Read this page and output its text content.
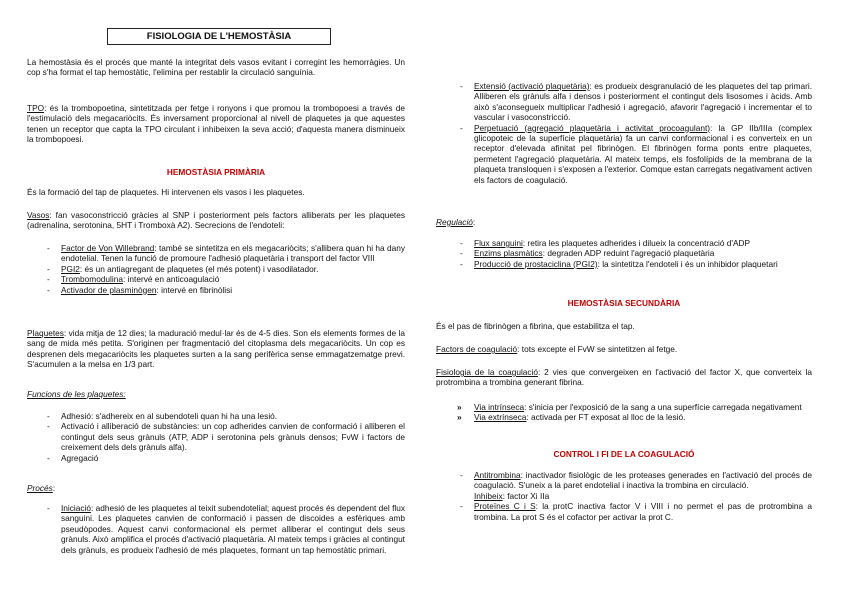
FISIOLOGIA DE L'HEMOSTÀSIA

La hemostàsia és el procés que manté la integritat dels vasos evitant i corregint les hemorràgies. Un cop s'ha format el tap hemostàtic, l'elimina per restablir la circulació sanguínia.

TPO: és la trombopoetina, sintetitzada per fetge i ronyons i que promou la trombopoesi a través de l'estimulació dels megacariòcits. És inversament proporcional al nivell de plaquetes ja que aquestes tenen un receptor que capta la TPO circulant i inhibeixen la seva acció; d'aquesta manera disminueix la trombopoesi.

HEMOSTÀSIA PRIMÀRIA

És la formació del tap de plaquetes. Hi intervenen els vasos i les plaquetes.

Vasos: fan vasoconstricció gràcies al SNP i posteriorment pels factors alliberats per les plaquetes (adrenalina, serotonina, 5HT i Tromboxà A2). Secrecions de l'endoteli:

- Factor de Von Willebrand: també se sintetitza en els megacariòcits; s'allibera quan hi ha dany endotelial. Tenen la funció de promoure l'adhesió plaquetària i transport del factor VIII
- PGI2: és un antiagregant de plaquetes (el més potent) i vasodilatador.
- Trombomodulina: intervé en anticoagulació
- Activador de plasminògen: intervé en fibrinòlisi

Plaquetes: vida mitja de 12 dies; la maduració medul·lar és de 4-5 dies. Son els elements formes de la sang de mida més petita. S'originen per fragmentació del citoplasma dels megacariòcits. Un cop es desprenen dels megacariòcits les plaquetes surten a la sang perifèrica sense emmagatzematge previ. S'acumulen a la melsa en 1/3 part.

Funcions de les plaquetes:

- Adhesió: s'adhereix en al subendoteli quan hi ha una lesió.
- Activació i alliberació de substàncies: un cop adherides canvien de conformació i alliberen el contingut dels seus grànuls (ATP, ADP i serotonina pels grànuls densos; FvW i factors de creixement dels dels grànuls alfa).
- Agregació

Procés:

- Iniciació: adhesió de les plaquetes al teixit subendotelial; aquest procés és dependent del flux sanguini. Les plaquetes canvien de conformació i passen de discoides a esfèriques amb pseudòpodes. Aquest canvi conformacional els permet alliberar el contingut dels seus grànuls. Això amplifica el procés d'activació plaquetària. Al mateix temps i gràcies al contingut dels grànuls, es produeix l'adhesió de més plaquetes, formant un tap hemostàtic primari.
- Extensió (activació plaquetària): es produeix desgranulació de les plaquetes del tap primari. Alliberen els grànuls alfa i densos i posteriorment el contingut dels lisosomes i àcids. Amb això s'aconsegueix multiplicar l'adhesió i agregació, afavorir l'agregació i incrementar el to vascular i vasoconstricció.
- Perpetuació (agregació plaquetària i activitat procoagulant): la GP IIb/IIIa (complex glicopoteic de la superfície plaquetària) fa un canvi conformacional i es converteix en un receptor d'elevada afinitat pel fibrinògen. El fibrinògen forma ponts entre plaquetes, permetent l'agregació plaquetària. Al mateix temps, els fosfolípids de la membrana de la plaqueta transloquen i s'exposen a l'exterior. Comque estan carregats negativament activen els factors de coagulació.

Regulació:

- Flux sanguini: retira les plaquetes adherides i dilueix la concentració d'ADP
- Enzims plasmàtics: degraden ADP reduint l'agregació plaquetària
- Producció de prostaciclina (PGI2): la sintetitza l'endoteli i és un inhibidor plaquetari

HEMOSTÀSIA SECUNDÀRIA

És el pas de fibrinògen a fibrina, que estabilitza el tap.

Factors de coagulació: tots excepte el FvW se sintetitzen al fetge.

Fisiologia de la coagulació: 2 vies que convergeixen en l'activació del factor X, que converteix la protrombina a trombina generant fibrina.

» Via intrínseca: s'inicia per l'exposició de la sang a una superfície carregada negativament
» Via extrínseca: activada per FT exposat al lloc de la lesió.

CONTROL I FI DE LA COAGULACIÓ

- Antitrombina: inactivador fisiològic de les proteases generades en l'activació del procés de coagulació. S'uneix a la paret endotelial i inactiva la trombina en circulació.
Inhibeix: factor Xi IIa
- Proteïnes C i S: la protC inactiva factor V i VIII i no permet el pas de protrombina a trombina. La prot S és el cofactor per activar la prot C.
